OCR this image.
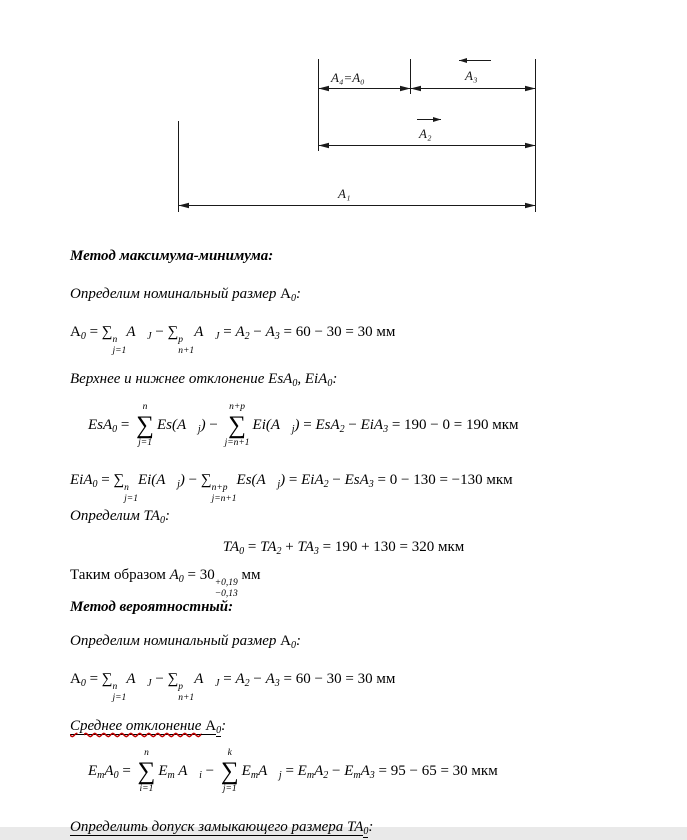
A₄=A₀	A₃
A₂
A₁
Метод максимума-минимума:
Определим номинальный размер $А_0$:
$A_0$ = ∑ n
j=1
$A⃗_J$ − ∑ p
n+1
$A⃖_J = A_2 - A_3 = 60 - 30 = 30$ мм
Верхнее и нижнее отклонение EsA$_0$, EiA$_0$:
EsA$_0$ =
n
∑
j=1
$Es(A⃗_j)$ −
n+p
∑
j=n+1
$Ei(A⃖_j) = EsA_2 - EiA_3 = 190 - 0 = 190$ мкм
EiA$_0$ = ∑ n
j=1
$Ei(A⃗_j)$ − ∑ n+p
j=n+1
$Es(A⃖_j) = EiA_2 - EsA_3 = 0 - 130 = -130$ мкм
Определим $TA_0$:
$TA_0 = TA_2 + TA_3 = 190 + 130 = 320$ мкм
Таким образом $A_0 = 30 +0,19$
−0,13
мм
Метод вероятностный:
Определим номинальный размер $А_0$:
$A_0$ = ∑ n
j=1
$A⃗_J$ − ∑ p
n+1
$A⃖_J = A_2 - A_3 = 60 - 30 = 30$ мм
Среднее отклонение $А_0$:
$E_mA_0$ =
n
∑
i=1
$E_m$ $A⃗_i$ −
k
∑
j=1
$E_mA⃖_j = E_mA_2 - E_mA_3 = 95 - 65 = 30$ мкм
Определить допуск замыкающего размера $TA_0$:
